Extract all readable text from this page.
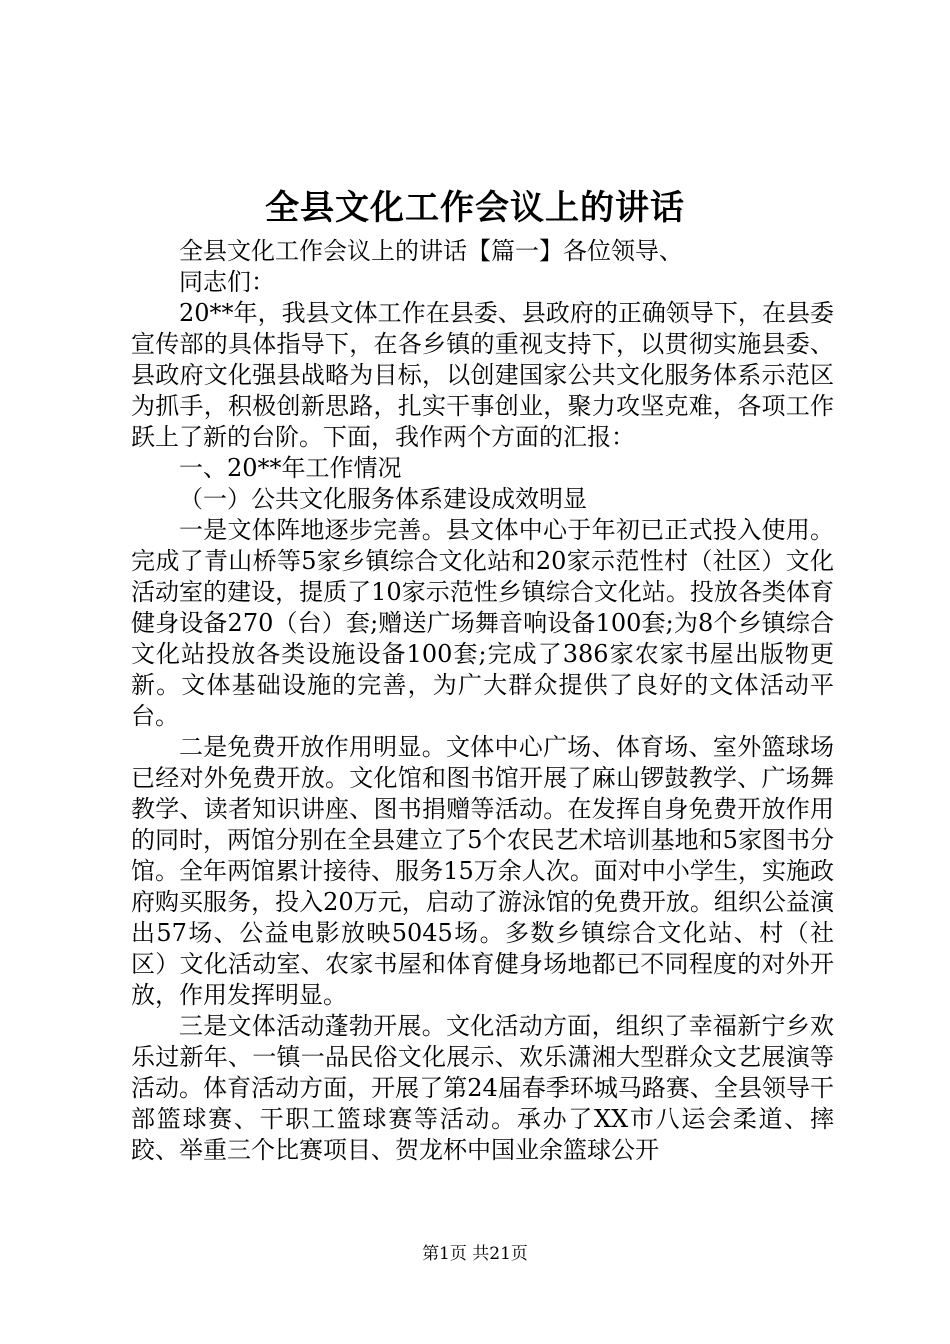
全县文化工作会议上的讲话

全县文化工作会议上的讲话【篇一】各位领导、

同志们：

20**年，我县文体工作在县委、县政府的正确领导下，在县委宣传部的具体指导下，在各乡镇的重视支持下，以贯彻实施县委、县政府文化强县战略为目标，以创建国家公共文化服务体系示范区为抓手，积极创新思路，扎实干事创业，聚力攻坚克难，各项工作跃上了新的台阶。下面，我作两个方面的汇报：

一、20**年工作情况

（一）公共文化服务体系建设成效明显

一是文体阵地逐步完善。县文体中心于年初已正式投入使用。完成了青山桥等5家乡镇综合文化站和20家示范性村（社区）文化活动室的建设，提质了10家示范性乡镇综合文化站。投放各类体育健身设备270（台）套;赠送广场舞音响设备100套;为8个乡镇综合文化站投放各类设施设备100套;完成了386家农家书屋出版物更新。文体基础设施的完善，为广大群众提供了良好的文体活动平台。

二是免费开放作用明显。文体中心广场、体育场、室外篮球场已经对外免费开放。文化馆和图书馆开展了麻山锣鼓教学、广场舞教学、读者知识讲座、图书捐赠等活动。在发挥自身免费开放作用的同时，两馆分别在全县建立了5个农民艺术培训基地和5家图书分馆。全年两馆累计接待、服务15万余人次。面对中小学生，实施政府购买服务，投入20万元，启动了游泳馆的免费开放。组织公益演出57场、公益电影放映5045场。多数乡镇综合文化站、村（社区）文化活动室、农家书屋和体育健身场地都已不同程度的对外开放，作用发挥明显。

三是文体活动蓬勃开展。文化活动方面，组织了幸福新宁乡欢乐过新年、一镇一品民俗文化展示、欢乐潇湘大型群众文艺展演等活动。体育活动方面，开展了第24届春季环城马路赛、全县领导干部篮球赛、干职工篮球赛等活动。承办了XX市八运会柔道、摔跤、举重三个比赛项目、贺龙杯中国业余篮球公开

第1页 共21页
